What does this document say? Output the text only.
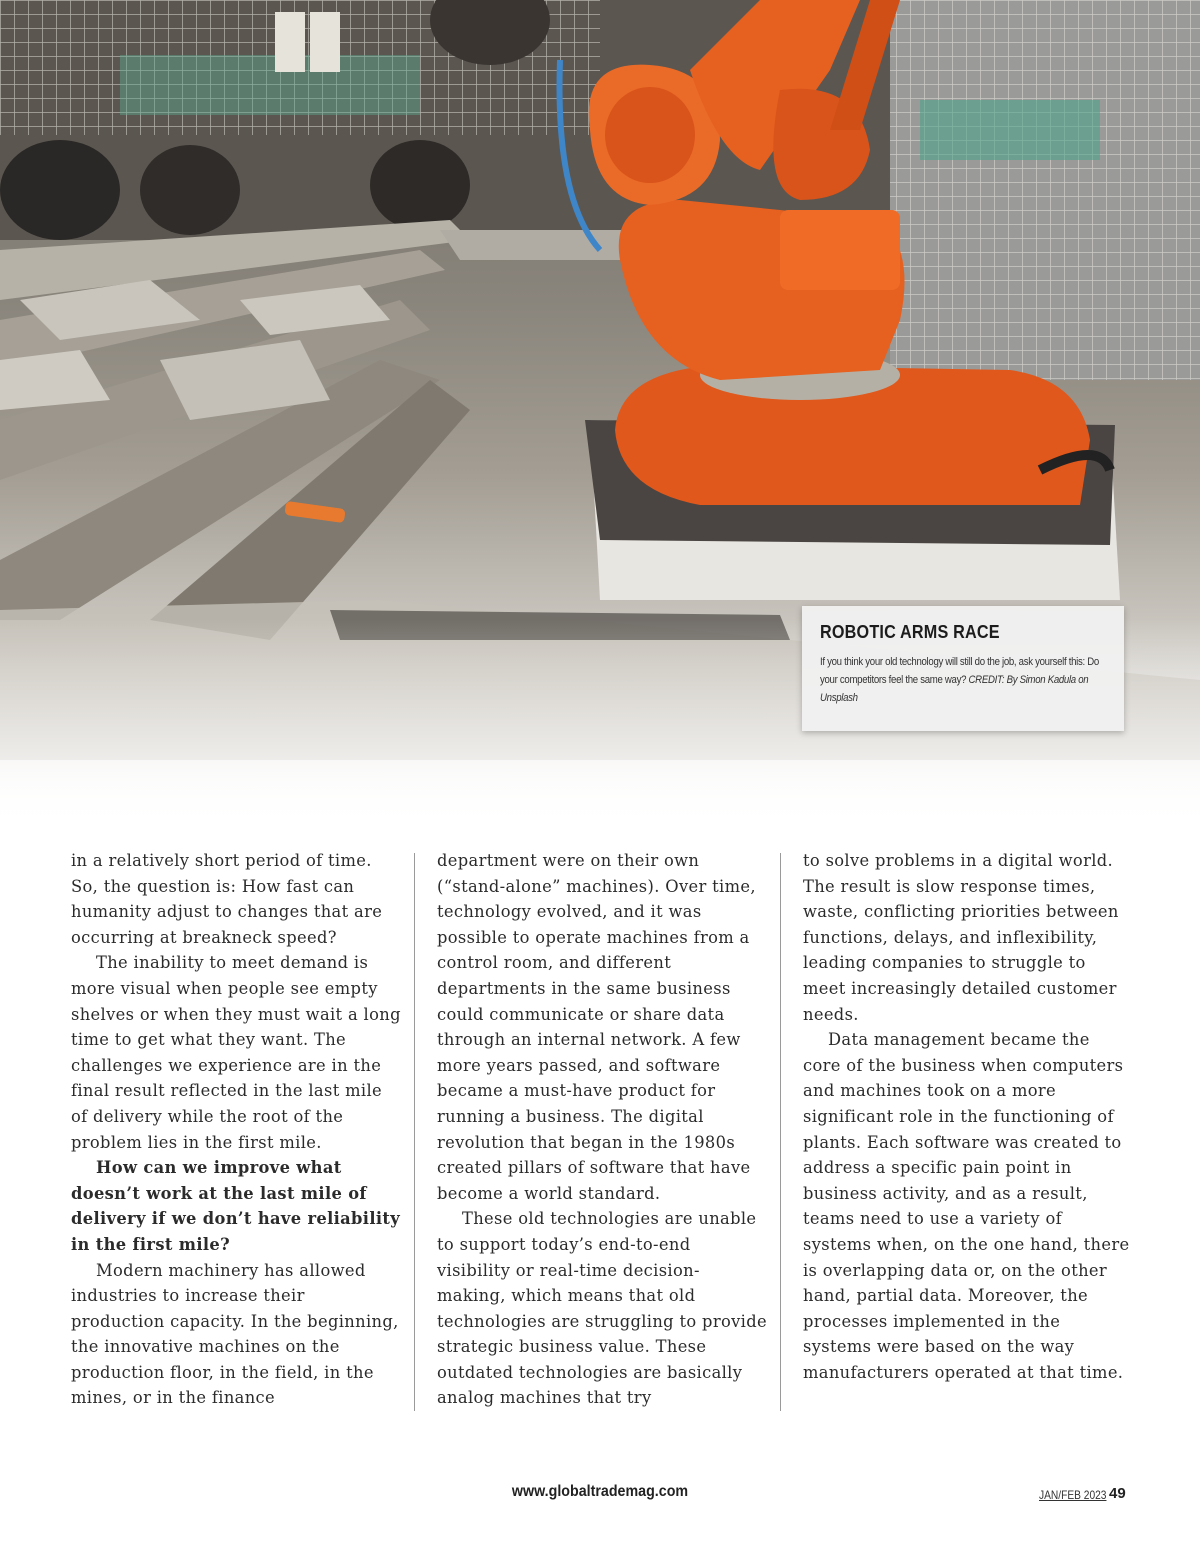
ROBOTIC ARMS RACE
If you think your old technology will still do the job, ask yourself this: Do your competitors feel the same way? CREDIT: By Simon Kadula on Unsplash

in a relatively short period of time. So, the question is: How fast can humanity adjust to changes that are occurring at breakneck speed?

The inability to meet demand is more visual when people see empty shelves or when they must wait a long time to get what they want. The challenges we experience are in the final result reflected in the last mile of delivery while the root of the problem lies in the first mile.

How can we improve what doesn’t work at the last mile of delivery if we don’t have reliability in the first mile?

Modern machinery has allowed industries to increase their production capacity. In the beginning, the innovative machines on the production floor, in the field, in the mines, or in the finance

department were on their own (“stand-alone” machines). Over time, technology evolved, and it was possible to operate machines from a control room, and different departments in the same business could communicate or share data through an internal network. A few more years passed, and software became a must-have product for running a business. The digital revolution that began in the 1980s created pillars of software that have become a world standard.

These old technologies are unable to support today’s end-to-end visibility or real-time decision-making, which means that old technologies are struggling to provide strategic business value. These outdated technologies are basically analog machines that try

to solve problems in a digital world. The result is slow response times, waste, conflicting priorities between functions, delays, and inflexibility, leading companies to struggle to meet increasingly detailed customer needs.

Data management became the core of the business when computers and machines took on a more significant role in the functioning of plants. Each software was created to address a specific pain point in business activity, and as a result, teams need to use a variety of systems when, on the one hand, there is overlapping data or, on the other hand, partial data. Moreover, the processes implemented in the systems were based on the way manufacturers operated at that time.

www.globaltrademag.com	JAN/FEB 2023 49
